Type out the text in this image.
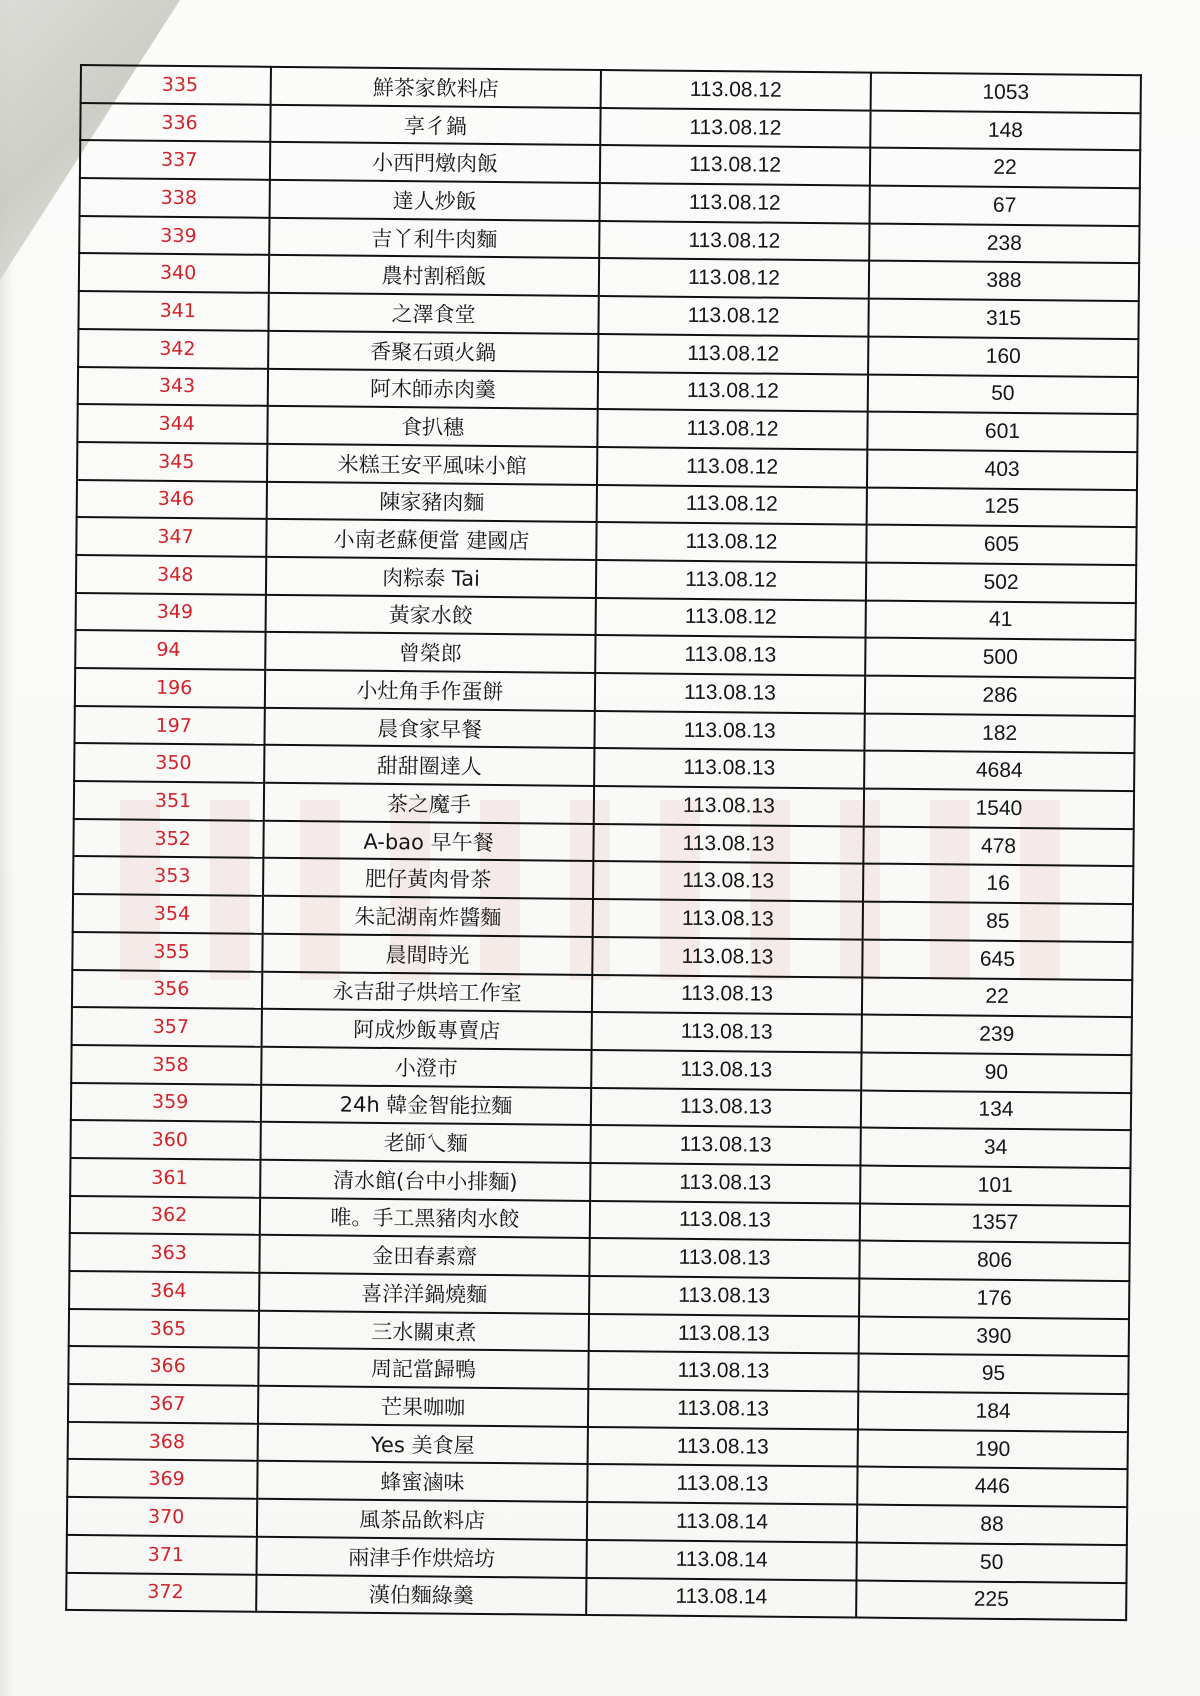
335	鮮茶家飲料店	113.08.12	1053
336	享彳鍋	113.08.12	148
337	小西門燉肉飯	113.08.12	22
338	達人炒飯	113.08.12	67
339	吉丫利牛肉麵	113.08.12	238
340	農村割稻飯	113.08.12	388
341	之澤食堂	113.08.12	315
342	香聚石頭火鍋	113.08.12	160
343	阿木師赤肉羹	113.08.12	50
344	食扒穗	113.08.12	601
345	米糕王安平風味小館	113.08.12	403
346	陳家豬肉麵	113.08.12	125
347	小南老蘇便當 建國店	113.08.12	605
348	肉粽泰 Tai	113.08.12	502
349	黃家水餃	113.08.12	41
94	曾榮郎	113.08.13	500
196	小灶角手作蛋餅	113.08.13	286
197	晨食家早餐	113.08.13	182
350	甜甜圈達人	113.08.13	4684
351	茶之魔手	113.08.13	1540
352	A-bao 早午餐	113.08.13	478
353	肥仔黃肉骨茶	113.08.13	16
354	朱記湖南炸醬麵	113.08.13	85
355	晨間時光	113.08.13	645
356	永吉甜子烘培工作室	113.08.13	22
357	阿成炒飯專賣店	113.08.13	239
358	小澄市	113.08.13	90
359	24h 韓金智能拉麵	113.08.13	134
360	老師乀麵	113.08.13	34
361	清水館(台中小排麵)	113.08.13	101
362	唯。手工黑豬肉水餃	113.08.13	1357
363	金田春素齋	113.08.13	806
364	喜洋洋鍋燒麵	113.08.13	176
365	三水關東煮	113.08.13	390
366	周記當歸鴨	113.08.13	95
367	芒果咖咖	113.08.13	184
368	Yes 美食屋	113.08.13	190
369	蜂蜜滷味	113.08.13	446
370	風茶品飲料店	113.08.14	88
371	兩津手作烘焙坊	113.08.14	50
372	漢伯麵綠羹	113.08.14	225
